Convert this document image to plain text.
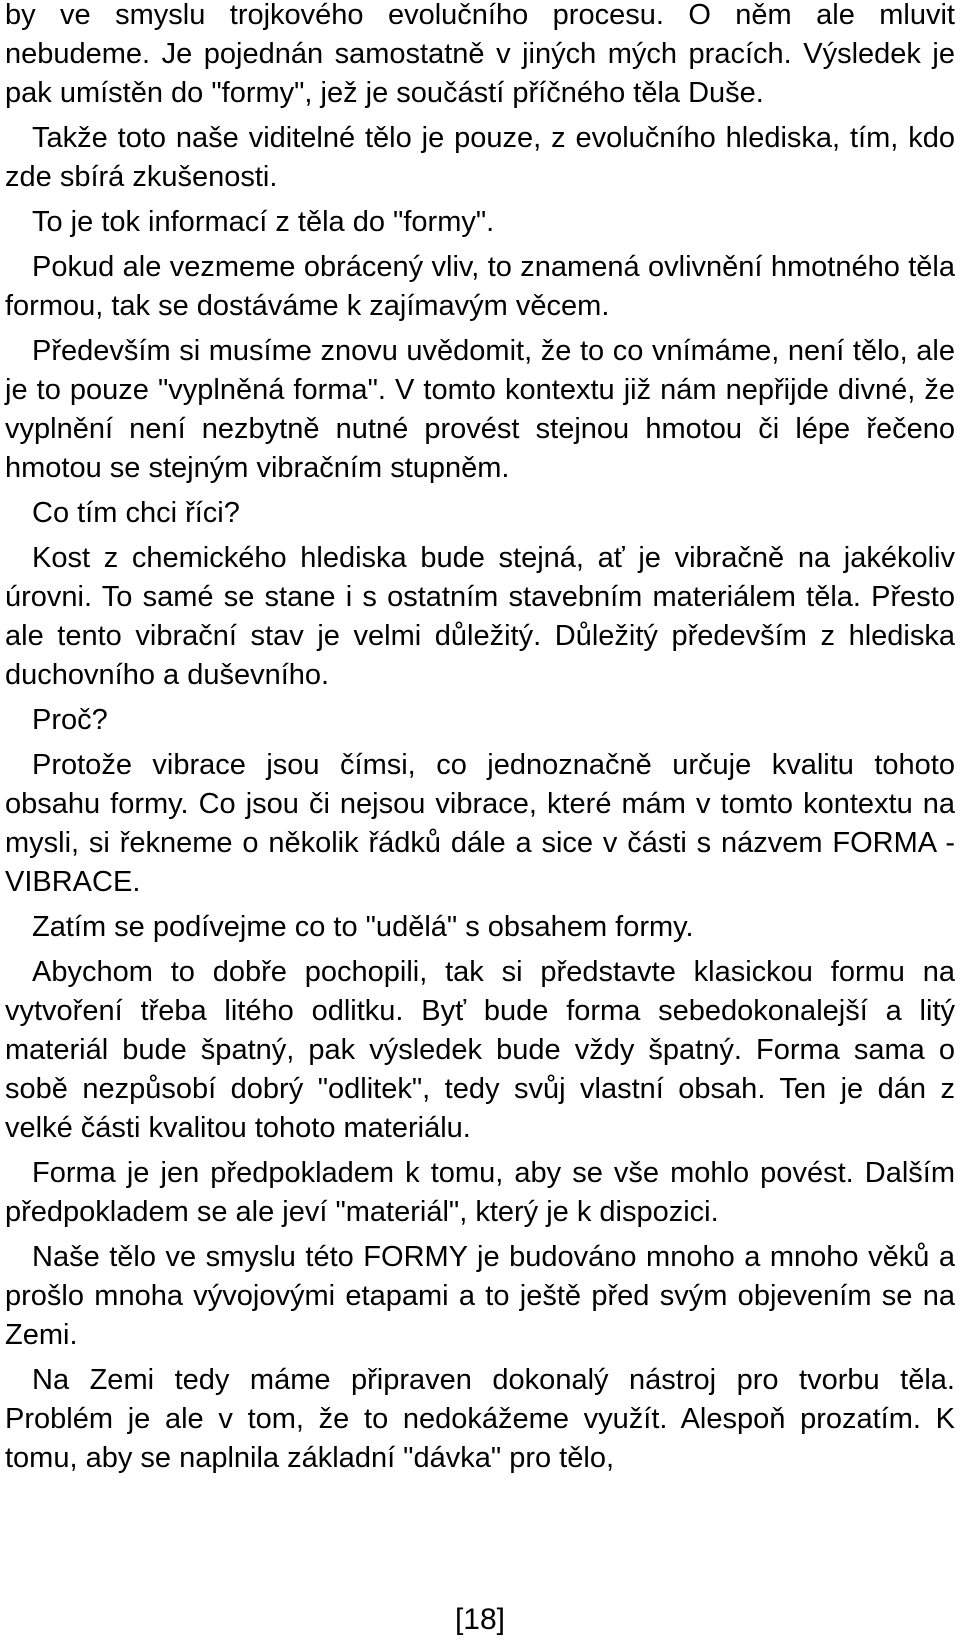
by ve smyslu trojkového evolučního procesu. O něm ale mluvit nebudeme. Je pojednán samostatně v jiných mých pracích. Výsledek je pak umístěn do "formy", jež je součástí příčného těla Duše.

Takže toto naše viditelné tělo je pouze, z evolučního hlediska, tím, kdo zde sbírá zkušenosti.

To je tok informací z těla do "formy".

Pokud ale vezmeme obrácený vliv, to znamená ovlivnění hmotného těla formou, tak se dostáváme k zajímavým věcem.

Především si musíme znovu uvědomit, že to co vnímáme, není tělo, ale je to pouze "vyplněná forma". V tomto kontextu již nám nepřijde divné, že vyplnění není nezbytně nutné provést stejnou hmotou či lépe řečeno hmotou se stejným vibračním stupněm.

Co tím chci říci?

Kost z chemického hlediska bude stejná, ať je vibračně na jakékoliv úrovni. To samé se stane i s ostatním stavebním materiálem těla. Přesto ale tento vibrační stav je velmi důležitý. Důležitý především z hlediska duchovního a duševního.

Proč?

Protože vibrace jsou čímsi, co jednoznačně určuje kvalitu tohoto obsahu formy. Co jsou či nejsou vibrace, které mám v tomto kontextu na mysli, si řekneme o několik řádků dále a sice v části s názvem FORMA - VIBRACE.

Zatím se podívejme co to "udělá" s obsahem formy.

Abychom to dobře pochopili, tak si představte klasickou formu na vytvoření třeba litého odlitku. Byť bude forma sebedokonalejší a litý materiál bude špatný, pak výsledek bude vždy špatný. Forma sama o sobě nezpůsobí dobrý "odlitek", tedy svůj vlastní obsah. Ten je dán z velké části kvalitou tohoto materiálu.

Forma je jen předpokladem k tomu, aby se vše mohlo povést. Dalším předpokladem se ale jeví "materiál", který je k dispozici.

Naše tělo ve smyslu této FORMY je budováno mnoho a mnoho věků a prošlo mnoha vývojovými etapami a to ještě před svým objevením se na Zemi.

Na Zemi tedy máme připraven dokonalý nástroj pro tvorbu těla. Problém je ale v tom, že to nedokážeme využít. Alespoň prozatím. K tomu, aby se naplnila základní "dávka" pro tělo,

[18]
